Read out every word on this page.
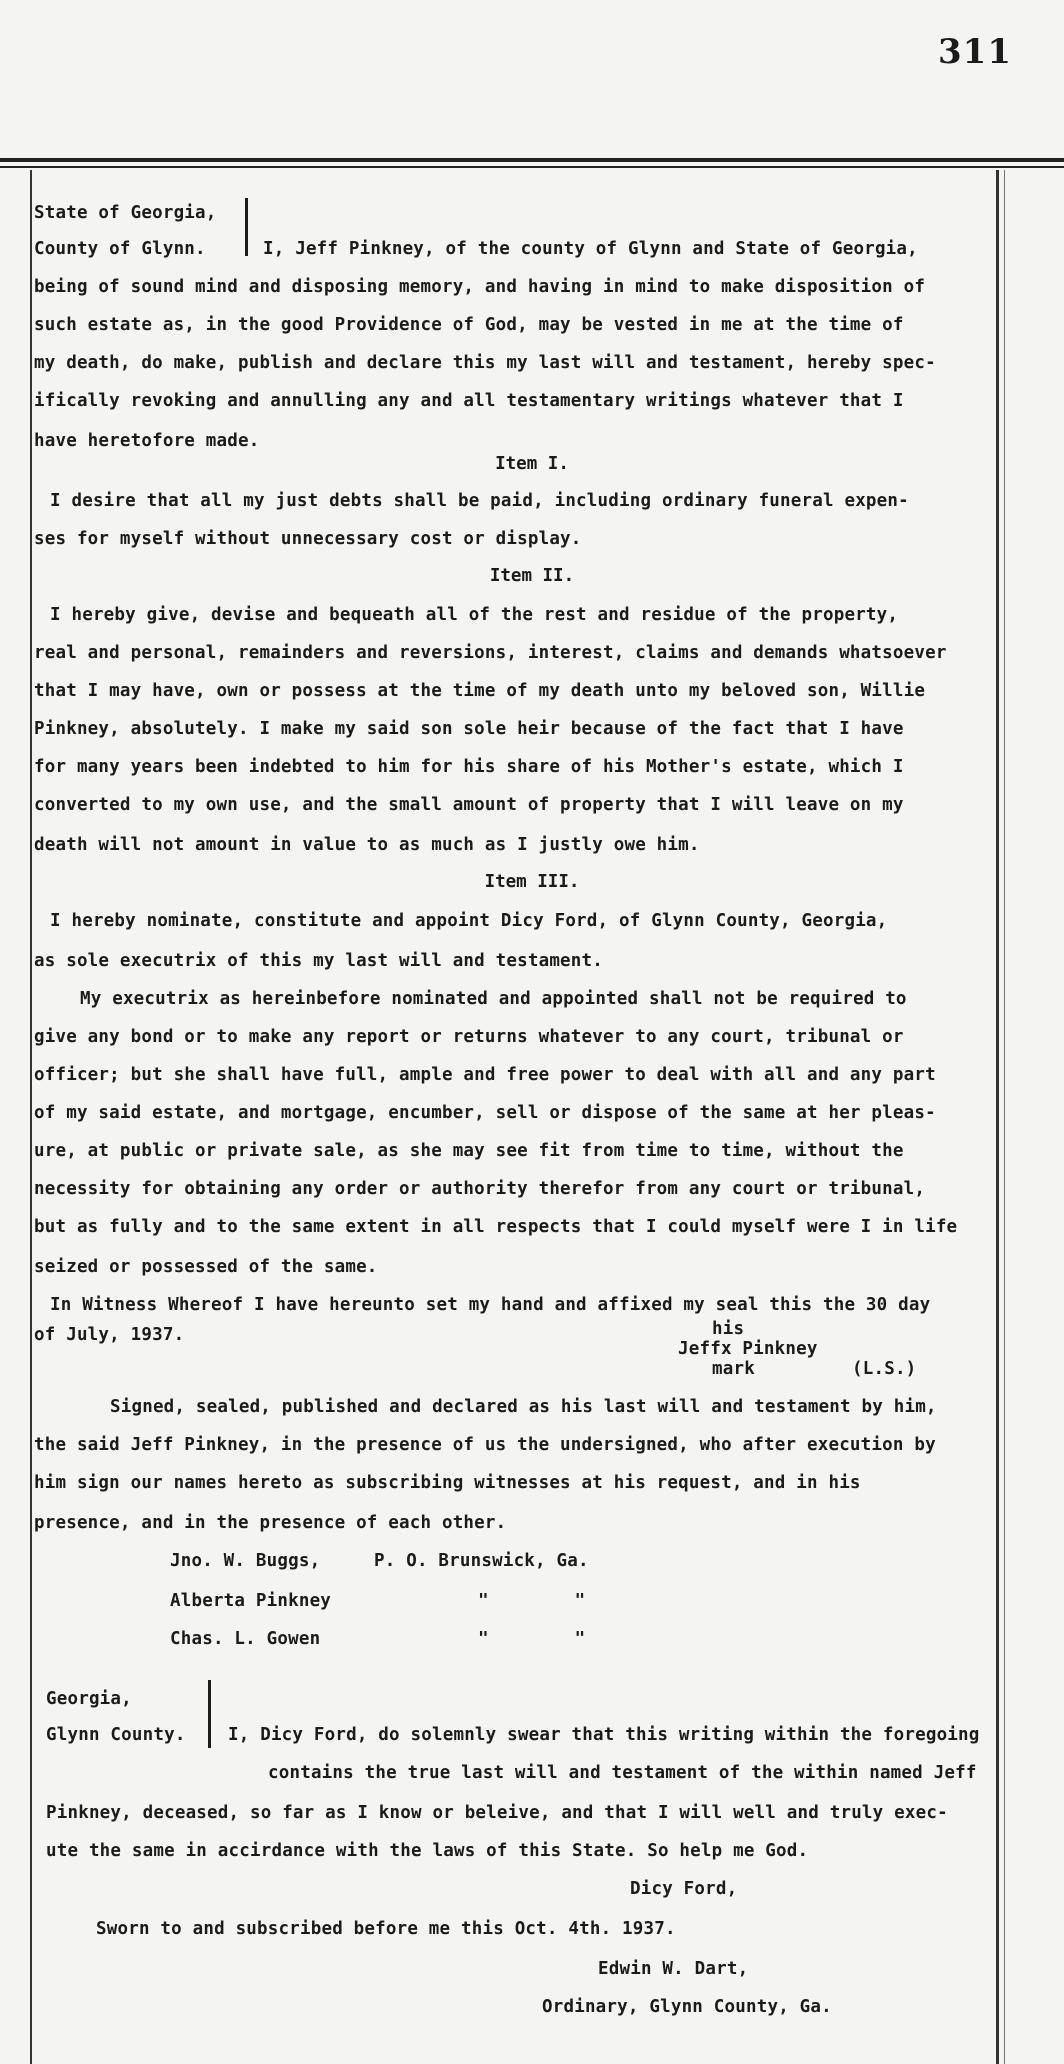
311
State of Georgia,
County of Glynn.	I, Jeff Pinkney, of the county of Glynn and State of Georgia,
being of sound mind and disposing memory, and having in mind to make disposition of
such estate as, in the good Providence of God, may be vested in me at the time of
my death, do make, publish and declare this my last will and testament, hereby spec-
ifically revoking and annulling any and all testamentary writings whatever that I
have heretofore made.
Item I.
I desire that all my just debts shall be paid, including ordinary funeral expen-
ses for myself without unnecessary cost or display.
Item II.
I hereby give, devise and bequeath all of the rest and residue of the property,
real and personal, remainders and reversions, interest, claims and demands whatsoever
that I may have, own or possess at the time of my death unto my beloved son, Willie
Pinkney, absolutely. I make my said son sole heir because of the fact that I have
for many years been indebted to him for his share of his Mother's estate, which I
converted to my own use, and the small amount of property that I will leave on my
death will not amount in value to as much as I justly owe him.
Item III.
I hereby nominate, constitute and appoint Dicy Ford, of Glynn County, Georgia,
as sole executrix of this my last will and testament.
My executrix as hereinbefore nominated and appointed shall not be required to
give any bond or to make any report or returns whatever to any court, tribunal or
officer; but she shall have full, ample and free power to deal with all and any part
of my said estate, and mortgage, encumber, sell or dispose of the same at her pleas-
ure, at public or private sale, as she may see fit from time to time, without the
necessity for obtaining any order or authority therefor from any court or tribunal,
but as fully and to the same extent in all respects that I could myself were I in life
seized or possessed of the same.
In Witness Whereof I have hereunto set my hand and affixed my seal this the 30 day
of July, 1937.	his
Jeffx Pinkney
mark	(L.S.)
Signed, sealed, published and declared as his last will and testament by him,
the said Jeff Pinkney, in the presence of us the undersigned, who after execution by
him sign our names hereto as subscribing witnesses at his request, and in his
presence, and in the presence of each other.
Jno. W. Buggs,	P. O. Brunswick, Ga.
Alberta Pinkney	"        "
Chas. L. Gowen	"        "
Georgia,
Glynn County. I, Dicy Ford, do solemnly swear that this writing within the foregoing
contains the true last will and testament of the within named Jeff
Pinkney, deceased, so far as I know or beleive, and that I will well and truly exec-
ute the same in accirdance with the laws of this State. So help me God.
Dicy Ford,
Sworn to and subscribed before me this Oct. 4th. 1937.
Edwin W. Dart,
Ordinary, Glynn County, Ga.
